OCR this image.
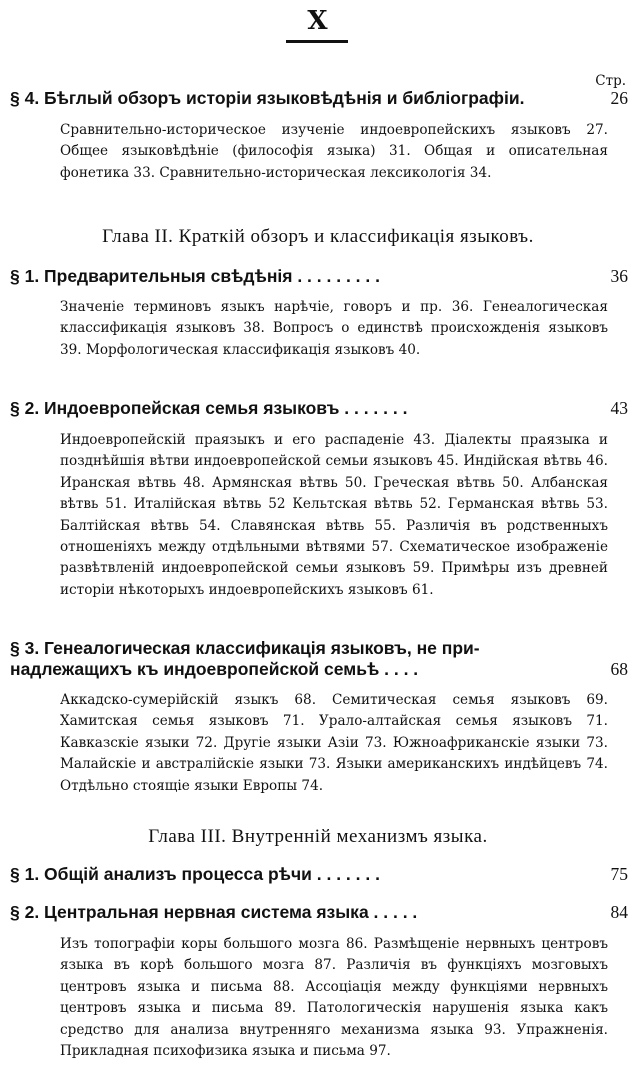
X
Стр.
§ 4. Бѣглый обзоръ исторіи языковѣдѣнія и библіографіи.	26
Сравнительно-историческое изученіе индоевропейскихъ языковъ 27. Общее языковѣдѣніе (философія языка) 31. Общая и описательная фонетика 33. Сравнительно-историческая лексикологія 34.
Глава II. Краткій обзоръ и классификація языковъ.
§ 1. Предварительныя свѣдѣнія . . . . . . . . .	36
Значеніе терминовъ языкъ нарѣчіе, говоръ и пр. 36. Генеалогическая классификація языковъ 38. Вопросъ о единствѣ происхожденія языковъ 39. Морфологическая классификація языковъ 40.
§ 2. Индоевропейская семья языковъ . . . . . . .	43
Индоевропейскій праязыкъ и его распаденіе 43. Діалекты праязыка и позднѣйшія вѣтви индоевропейской семьи языковъ 45. Индійская вѣтвь 46. Иранская вѣтвь 48. Армянская вѣтвь 50. Греческая вѣтвь 50. Албанская вѣтвь 51. Италійская вѣтвь 52 Кельтская вѣтвь 52. Германская вѣтвь 53. Балтійская вѣтвь 54. Славянская вѣтвь 55. Различія въ родственныхъ отношеніяхъ между отдѣльными вѣтвями 57. Схематическое изображеніе развѣтвленій индоевропейской семьи языковъ 59. Примѣры изъ древней исторіи нѣкоторыхъ индоевропейскихъ языковъ 61.
§ 3. Генеалогическая классификація языковъ, не при-
надлежащихъ къ индоевропейской семьѣ . . . .	68
Аккадско-сумерійскій языкъ 68. Семитическая семья языковъ 69. Хамитская семья языковъ 71. Урало-алтайская семья языковъ 71. Кавказскіе языки 72. Другіе языки Азіи 73. Южноафриканскіе языки 73. Малайскіе и австралійскіе языки 73. Языки американскихъ индѣйцевъ 74. Отдѣльно стоящіе языки Европы 74.
Глава III. Внутренній механизмъ языка.
§ 1. Общій анализъ процесса рѣчи . . . . . . .	75
§ 2. Центральная нервная система языка . . . . .	84
Изъ топографіи коры большого мозга 86. Размѣщеніе нервныхъ центровъ языка въ корѣ большого мозга 87. Различія въ функціяхъ мозговыхъ центровъ языка и письма 88. Ассоціація между функціями нервныхъ центровъ языка и письма 89. Патологическія нарушенія языка какъ средство для анализа внутренняго механизма языка 93. Упражненія. Прикладная психофизика языка и письма 97.
